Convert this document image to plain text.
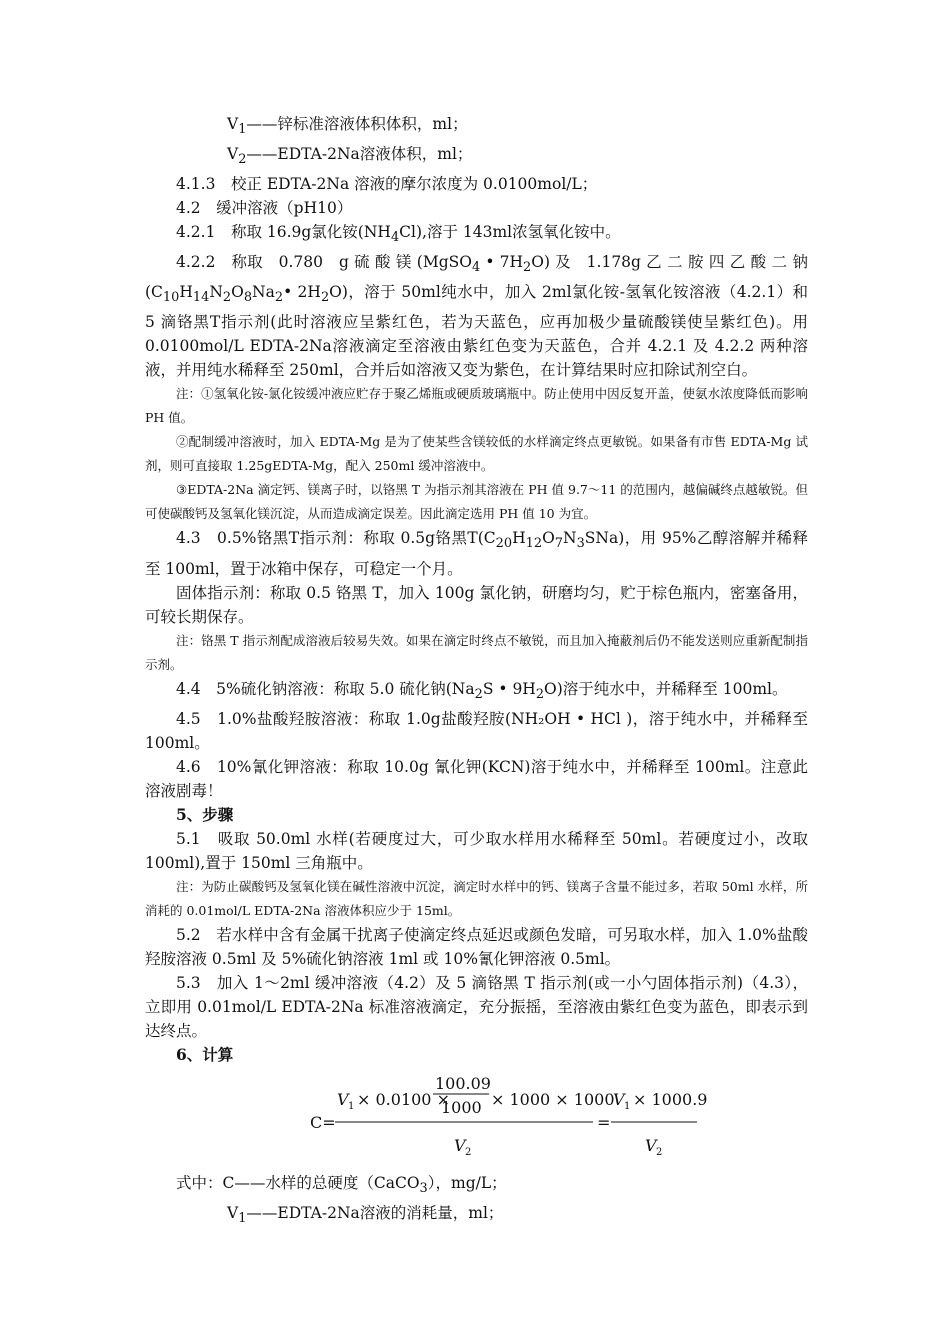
$V_1——$锌标准溶液体积体积，ml；

$V_2——EDTA-2Na$溶液体积，ml；

4.1.3　校正 EDTA-2Na 溶液的摩尔浓度为 0.0100mol/L；

4.2　缓冲溶液（pH10）

4.2.1　称取 16.9g氯化铵$(NH_4Cl)$,溶于 143ml浓氢氧化铵中。

4.2.2　称取　0.780　g 硫 酸 镁 (MgSO$_4$ • $7H_2O$) 及　1.178g 乙 二 胺 四 乙 酸 二 钠 ($C_{10}H_{14}N_2O_8Na_2•$ $2H_2O$)，溶于 50ml纯水中，加入 2ml氯化铵-氢氧化铵溶液（4.2.1）和 5 滴铬黑T指示剂(此时溶液应呈紫红色，若为天蓝色，应再加极少量硫酸镁使呈紫红色)。用 0.0100mol/L EDTA-2Na溶液滴定至溶液由紫红色变为天蓝色，合并 4.2.1 及 4.2.2 两种溶液，并用纯水稀释至 250ml，合并后如溶液又变为紫色，在计算结果时应扣除试剂空白。

注：①氢氧化铵-氯化铵缓冲液应贮存于聚乙烯瓶或硬质玻璃瓶中。防止使用中因反复开盖，使氨水浓度降低而影响 PH 值。

②配制缓冲溶液时，加入 EDTA-Mg 是为了使某些含镁较低的水样滴定终点更敏锐。如果备有市售 EDTA-Mg 试剂，则可直接取 1.25gEDTA-Mg，配入 250ml 缓冲溶液中。

③EDTA-2Na 滴定钙、镁离子时，以铬黑 T 为指示剂其溶液在 PH 值 9.7～11 的范围内，越偏碱终点越敏锐。但可使碳酸钙及氢氧化镁沉淀，从而造成滴定误差。因此滴定选用 PH 值 10 为宜。

4.3　0.5%铬黑T指示剂：称取 0.5g铬黑$T(C_{20}H_{12}O_7N_3SNa)$，用 95%乙醇溶解并稀释至 100ml，置于冰箱中保存，可稳定一个月。

固体指示剂：称取 0.5 铬黑 T，加入 100g 氯化钠，研磨均匀，贮于棕色瓶内，密塞备用，可较长期保存。

注：铬黑 T 指示剂配成溶液后较易失效。如果在滴定时终点不敏锐，而且加入掩蔽剂后仍不能发送则应重新配制指示剂。

4.4　5%硫化钠溶液：称取 5.0 硫化钠($Na_2S$ • $9H_2O$)溶于纯水中，并稀释至 100ml。

4.5　1.0%盐酸羟胺溶液：称取 1.0g盐酸羟胺(NH₂OH • HCl )，溶于纯水中，并稀释至 100ml。

4.6　10%氰化钾溶液：称取 10.0g 氰化钾(KCN)溶于纯水中，并稀释至 100ml。注意此溶液剧毒！

5、步骤

5.1　吸取 50.0ml 水样(若硬度过大，可少取水样用水稀释至 50ml。若硬度过小，改取 100ml),置于 150ml 三角瓶中。

注：为防止碳酸钙及氢氧化镁在碱性溶液中沉淀，滴定时水样中的钙、镁离子含量不能过多，若取 50ml 水样，所消耗的 0.01mol/L EDTA-2Na 溶液体积应少于 15ml。

5.2　若水样中含有金属干扰离子使滴定终点延迟或颜色发暗，可另取水样，加入 1.0%盐酸羟胺溶液 0.5ml 及 5%硫化钠溶液 1ml 或 10%氰化钾溶液 0.5ml。

5.3　加入 1～2ml 缓冲溶液（4.2）及 5 滴铬黑 T 指示剂(或一小勺固体指示剂)（4.3），立即用 0.01mol/L EDTA-2Na 标准溶液滴定，充分振摇，至溶液由紫红色变为蓝色，即表示到达终点。

6、计算

C=
V 1 × 0.0100 ×
100.09
1000 × 1000 × 1000
V 2
=
V 1 × 1000.9
V 2

式中：C——水样的总硬度（CaCO$_3$），mg/L；

$V_1——EDTA-2Na$溶液的消耗量，ml；
